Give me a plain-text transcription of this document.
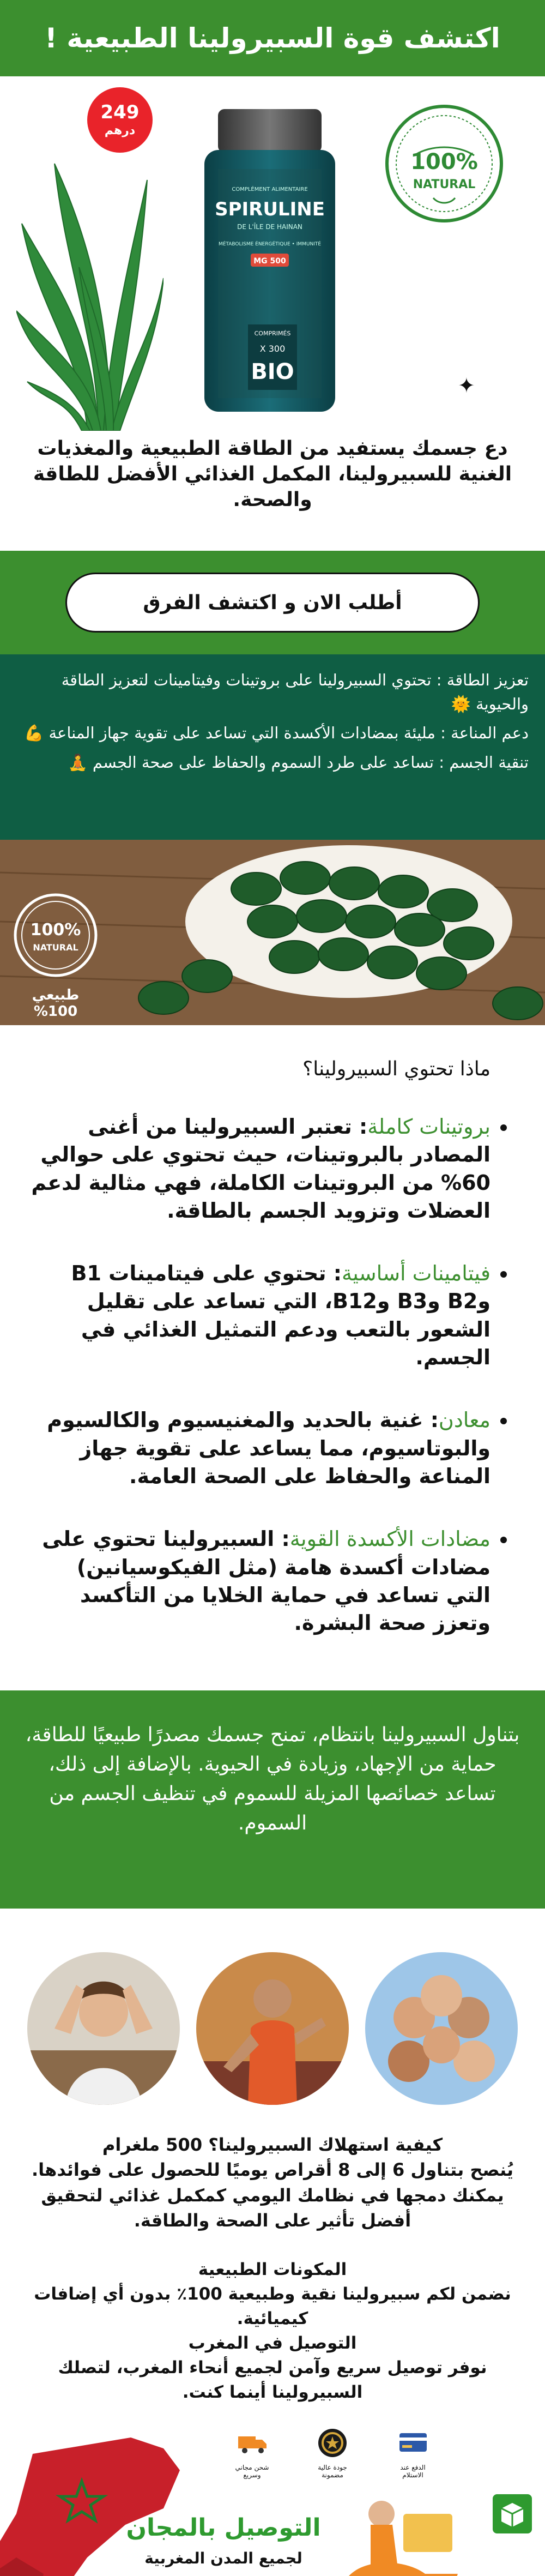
اكتشف قوة السبيرولينا الطبيعية !
249
درهم
COMPLÉMENT ALIMENTAIRE
SPIRULINE
DE L'ÎLE DE HAINAN
MÉTABOLISME ÉNERGÉTIQUE • IMMUNITÉ
500 MG
COMPRIMÉS
X 300
BIO
100%
NATURAL
✦

دع جسمك يستفيد من الطاقة الطبيعية والمغذيات الغنية للسبيرولينا، المكمل الغذائي الأفضل للطاقة والصحة.

أطلب الان و اكتشف الفرق
تعزيز الطاقة : تحتوي السبيرولينا على بروتينات وفيتامينات لتعزيز الطاقة والحيوية 🌞
دعم المناعة : مليئة بمضادات الأكسدة التي تساعد على تقوية جهاز المناعة 💪
تنقية الجسم : تساعد على طرد السموم والحفاظ على صحة الجسم 🧘
100%
NATURAL
طبيعي 100%
ماذا تحتوي السبيرولينا؟
• بروتينات كاملة: تعتبر السبيرولينا من أغنى المصادر بالبروتينات، حيث تحتوي على حوالي 60% من البروتينات الكاملة، فهي مثالية لدعم العضلات وتزويد الجسم بالطاقة.
• فيتامينات أساسية: تحتوي على فيتامينات B1 وB2 وB3 وB12، التي تساعد على تقليل الشعور بالتعب ودعم التمثيل الغذائي في الجسم.
• معادن: غنية بالحديد والمغنيسيوم والكالسيوم والبوتاسيوم، مما يساعد على تقوية جهاز المناعة والحفاظ على الصحة العامة.
• مضادات الأكسدة القوية: السبيرولينا تحتوي على مضادات أكسدة هامة (مثل الفيكوسيانين) التي تساعد في حماية الخلايا من التأكسد وتعزز صحة البشرة.

بتناول السبيرولينا بانتظام، تمنح جسمك مصدرًا طبيعيًا للطاقة، حماية من الإجهاد، وزيادة في الحيوية. بالإضافة إلى ذلك، تساعد خصائصها المزيلة للسموم في تنظيف الجسم من السموم.

كيفية استهلاك السبيرولينا؟ 500 ملغرام

يُنصح بتناول 6 إلى 8 أقراص يوميًا للحصول على فوائدها.

يمكنك دمجها في نظامك اليومي كمكمل غذائي لتحقيق أفضل تأثير على الصحة والطاقة.

المكونات الطبيعية

نضمن لكم سبيرولينا نقية وطبيعية 100٪ بدون أي إضافات كيميائية.

التوصيل في المغرب

نوفر توصيل سريع وآمن لجميع أنحاء المغرب، لتصلك السبيرولينا أينما كنت.

الدفع عند الاستلام
جودة عالية مضمونة
شحن مجاني وسريع
التوصيل بالمجان
لجميع المدن المغربية
